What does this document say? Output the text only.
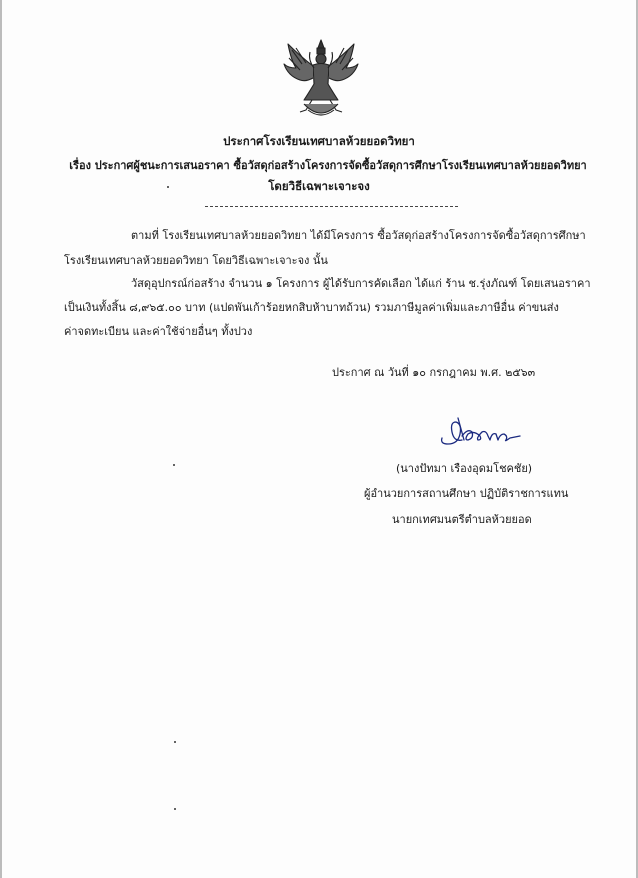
ประกาศโรงเรียนเทศบาลห้วยยอดวิทยา
เรื่อง ประกาศผู้ชนะการเสนอราคา ซื้อวัสดุก่อสร้างโครงการจัดซื้อวัสดุการศึกษาโรงเรียนเทศบาลห้วยยอดวิทยา
โดยวิธีเฉพาะเจาะจง
ตามที่ โรงเรียนเทศบาลห้วยยอดวิทยา ได้มีโครงการ ซื้อวัสดุก่อสร้างโครงการจัดซื้อวัสดุการศึกษา
โรงเรียนเทศบาลห้วยยอดวิทยา โดยวิธีเฉพาะเจาะจง นั้น
วัสดุอุปกรณ์ก่อสร้าง จำนวน ๑ โครงการ ผู้ได้รับการคัดเลือก ได้แก่ ร้าน ช.รุ่งภัณฑ์ โดยเสนอราคา
เป็นเงินทั้งสิ้น ๘,๙๖๕.๐๐ บาท (แปดพันเก้าร้อยหกสิบห้าบาทถ้วน) รวมภาษีมูลค่าเพิ่มและภาษีอื่น ค่าขนส่ง
ค่าจดทะเบียน และค่าใช้จ่ายอื่นๆ ทั้งปวง
ประกาศ ณ วันที่ ๑๐ กรกฎาคม พ.ศ. ๒๕๖๓
(นางปัทมา เรืองอุดมโชคชัย)
ผู้อำนวยการสถานศึกษา ปฏิบัติราชการแทน
นายกเทศมนตรีตำบลห้วยยอด
